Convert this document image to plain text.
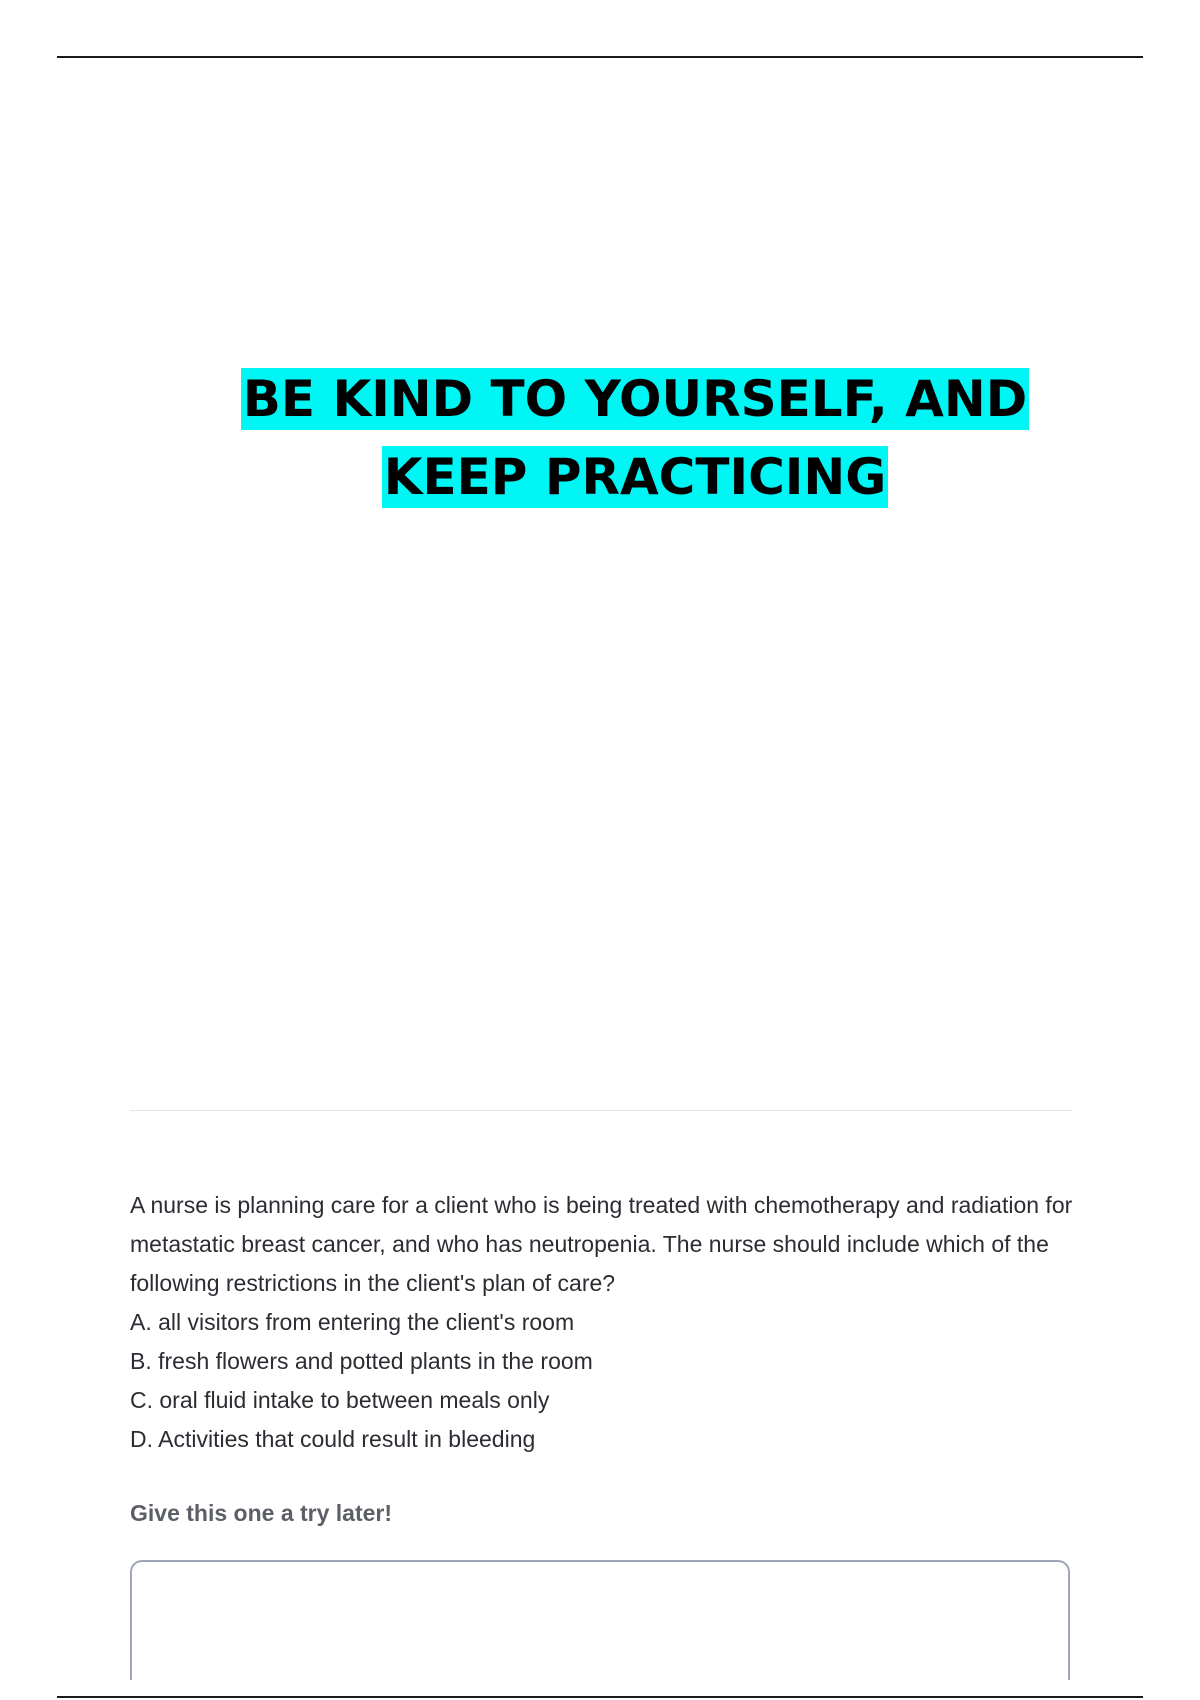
BE KIND TO YOURSELF, AND
KEEP PRACTICING

A nurse is planning care for a client who is being treated with chemotherapy and radiation for metastatic breast cancer, and who has neutropenia. The nurse should include which of the following restrictions in the client's plan of care?

A. all visitors from entering the client's room
B. fresh flowers and potted plants in the room
C. oral fluid intake to between meals only
D. Activities that could result in bleeding
Give this one a try later!
